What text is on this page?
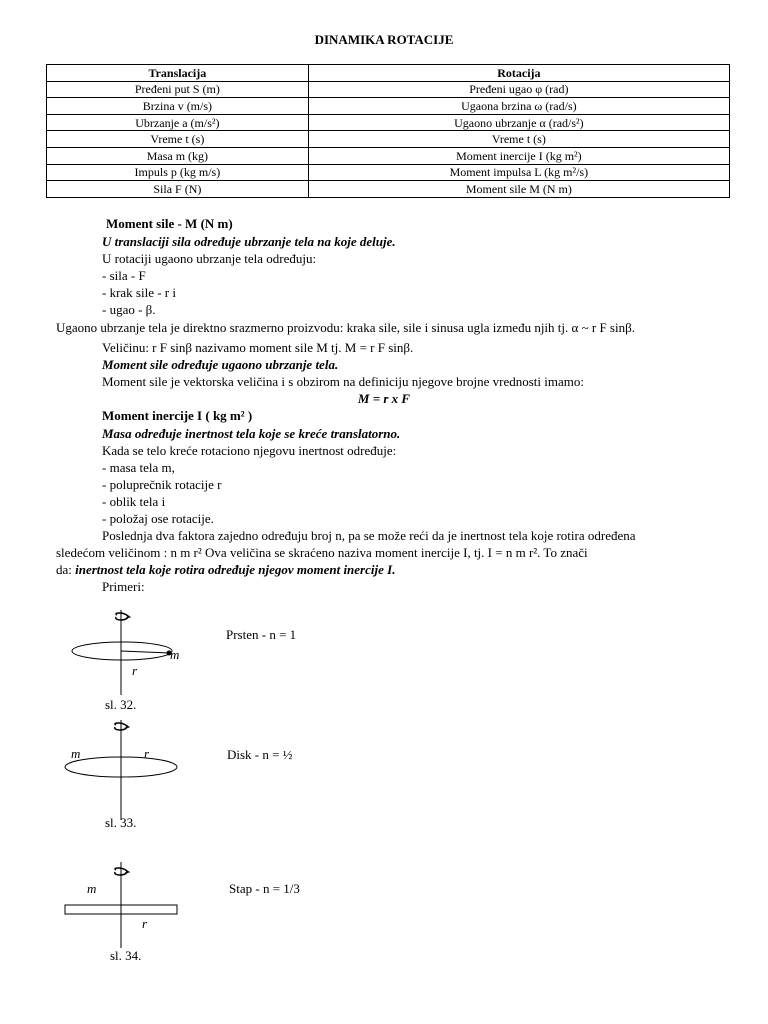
DINAMIKA ROTACIJE
Translacija	Rotacija
Pređeni put S (m)	Pređeni ugao φ (rad)
Brzina v (m/s)	Ugaona brzina ω (rad/s)
Ubrzanje a (m/s²)	Ugaono ubrzanje α (rad/s²)
Vreme t (s)	Vreme t (s)
Masa m (kg)	Moment inercije I (kg m²)
Impuls p (kg m/s)	Moment impulsa L (kg m²/s)
Sila F (N)	Moment sile M (N m)
Moment sile - M (N m)
U translaciji sila određuje ubrzanje tela na koje deluje.
U rotaciji ugaono ubrzanje tela određuju:
- sila - F
- krak sile - r i
- ugao - β.
Ugaono ubrzanje tela je direktno srazmerno proizvodu: kraka sile, sile i sinusa ugla između njih tj. α ~ r F sinβ.
Veličinu: r F sinβ nazivamo moment sile M tj. M = r F sinβ.
Moment sile određuje ugaono ubrzanje tela.
Moment sile je vektorska veličina i s obzirom na definiciju njegove brojne vrednosti imamo:
M = r x F
Moment inercije I ( kg m² )
Masa određuje inertnost tela koje se kreće translatorno.
Kada se telo kreće rotaciono njegovu inertnost određuje:
- masa tela m,
- poluprečnik rotacije r
- oblik tela i
- položaj ose rotacije.
Poslednja dva faktora zajedno određuju broj n, pa se može reći da je inertnost tela koje rotira određena
sledećom veličinom : n m r² Ova veličina se skraćeno naziva moment inercije I, tj. I = n m r². To znači
da: inertnost tela koje rotira određuje njegov moment inercije I.
Primeri:
m
r
Prsten - n = 1
sl. 32.
m	r	Disk - n = ½
sl. 33.
m
r
Stap - n = 1/3
sl. 34.
